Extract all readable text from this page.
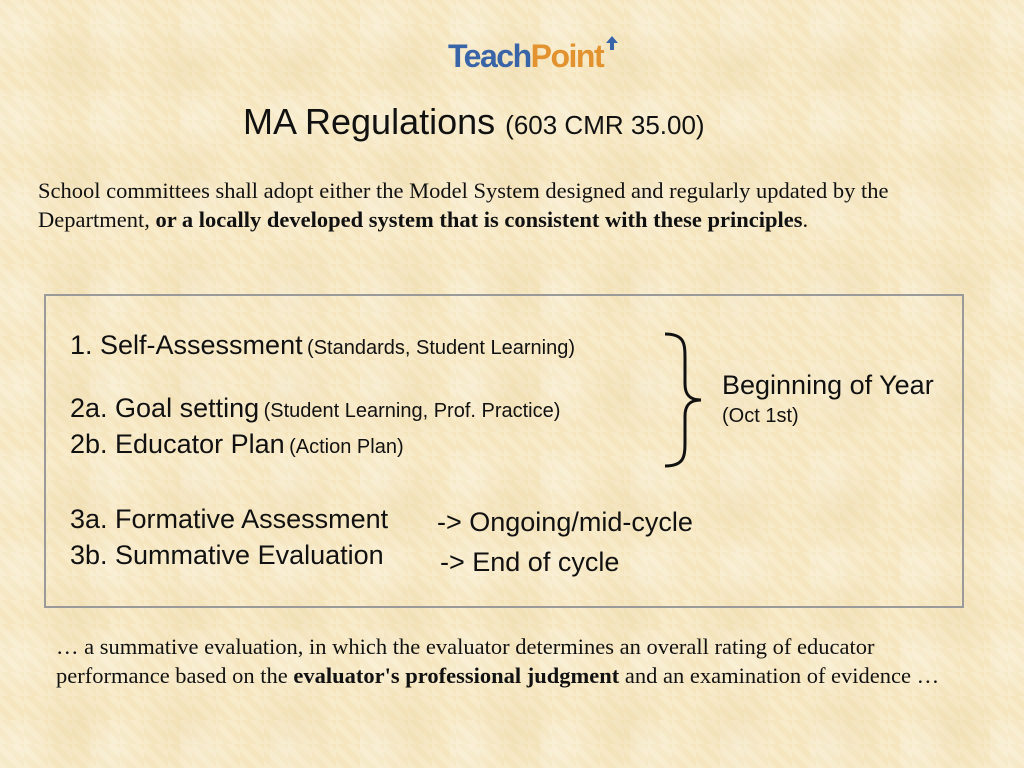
TeachPoint
MA Regulations (603 CMR 35.00)
School committees shall adopt either the Model System designed and regularly updated by the Department, or a locally developed system that is consistent with these principles.
1. Self-Assessment (Standards, Student Learning)
2a. Goal setting (Student Learning, Prof. Practice)
2b. Educator Plan (Action Plan)
3a. Formative Assessment -> Ongoing/mid-cycle
3b. Summative Evaluation -> End of cycle
Beginning of Year
(Oct 1st)
… a summative evaluation, in which the evaluator determines an overall rating of educator performance based on the evaluator's professional judgment and an examination of evidence …
